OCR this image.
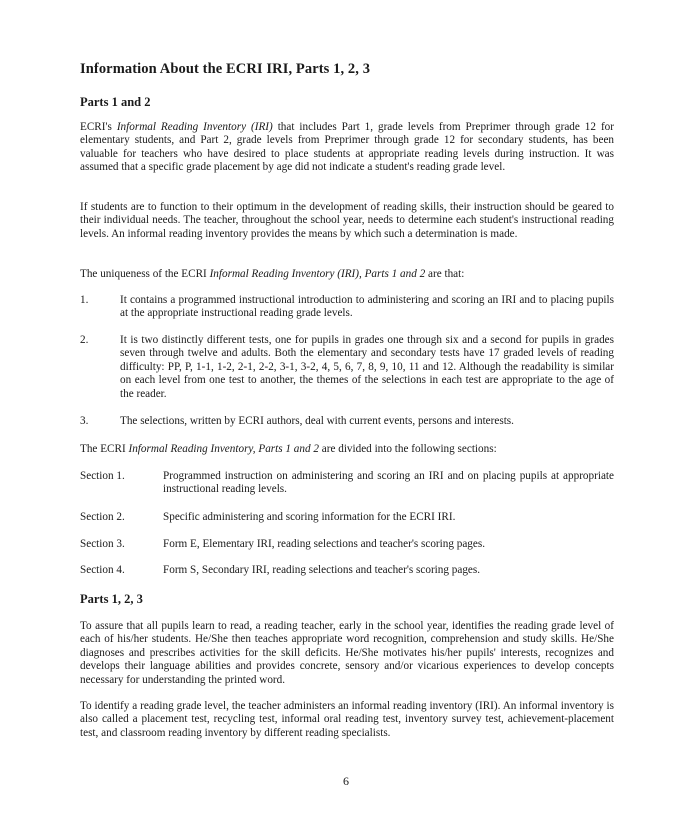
Information About the ECRI IRI, Parts 1, 2, 3
Parts 1 and 2
ECRI's Informal Reading Inventory (IRI) that includes Part 1, grade levels from Preprimer through grade 12 for elementary students, and Part 2, grade levels from Preprimer through grade 12 for secondary students, has been valuable for teachers who have desired to place students at appropriate reading levels during instruction. It was assumed that a specific grade placement by age did not indicate a student's reading grade level.
If students are to function to their optimum in the development of reading skills, their instruction should be geared to their individual needs. The teacher, throughout the school year, needs to determine each student's instructional reading levels. An informal reading inventory provides the means by which such a determination is made.
The uniqueness of the ECRI Informal Reading Inventory (IRI), Parts 1 and 2 are that:
1.	It contains a programmed instructional introduction to administering and scoring an IRI and to placing pupils at the appropriate instructional reading grade levels.
2.	It is two distinctly different tests, one for pupils in grades one through six and a second for pupils in grades seven through twelve and adults. Both the elementary and secondary tests have 17 graded levels of reading difficulty: PP, P, 1-1, 1-2, 2-1, 2-2, 3-1, 3-2, 4, 5, 6, 7, 8, 9, 10, 11 and 12. Although the readability is similar on each level from one test to another, the themes of the selections in each test are appropriate to the age of the reader.
3.	The selections, written by ECRI authors, deal with current events, persons and interests.
The ECRI Informal Reading Inventory, Parts 1 and 2 are divided into the following sections:
Section 1.	Programmed instruction on administering and scoring an IRI and on placing pupils at appropriate instructional reading levels.
Section 2.	Specific administering and scoring information for the ECRI IRI.
Section 3.	Form E, Elementary IRI, reading selections and teacher's scoring pages.
Section 4.	Form S, Secondary IRI, reading selections and teacher's scoring pages.
Parts 1, 2, 3
To assure that all pupils learn to read, a reading teacher, early in the school year, identifies the reading grade level of each of his/her students. He/She then teaches appropriate word recognition, comprehension and study skills. He/She diagnoses and prescribes activities for the skill deficits. He/She motivates his/her pupils' interests, recognizes and develops their language abilities and provides concrete, sensory and/or vicarious experiences to develop concepts necessary for understanding the printed word.
To identify a reading grade level, the teacher administers an informal reading inventory (IRI). An informal inventory is also called a placement test, recycling test, informal oral reading test, inventory survey test, achievement-placement test, and classroom reading inventory by different reading specialists.
6
